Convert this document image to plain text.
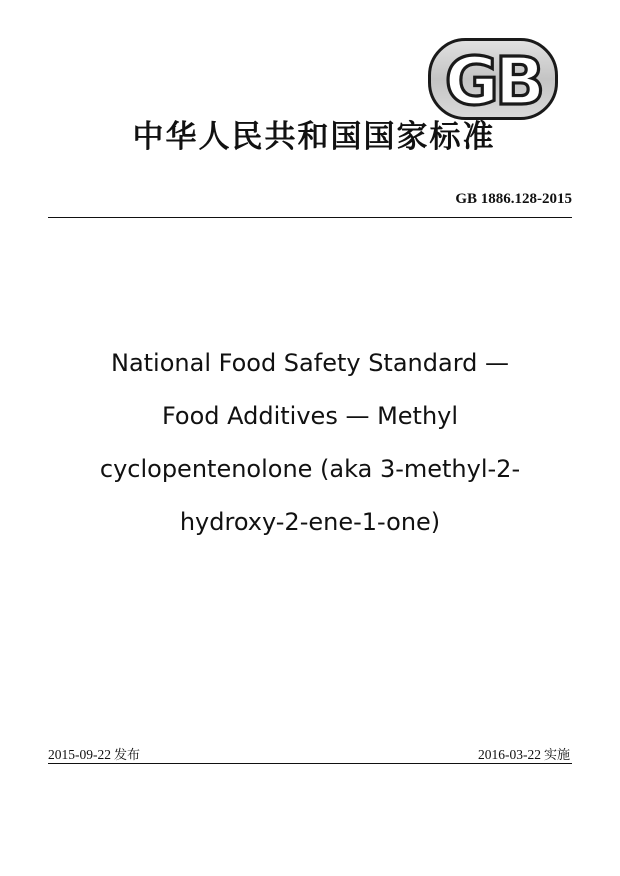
GB
中华人民共和国国家标准
GB 1886.128-2015
National Food Safety Standard —
Food Additives — Methyl
cyclopentenolone (aka 3-methyl-2-
hydroxy-2-ene-1-one)
2015-09-22 发布	2016-03-22 实施
